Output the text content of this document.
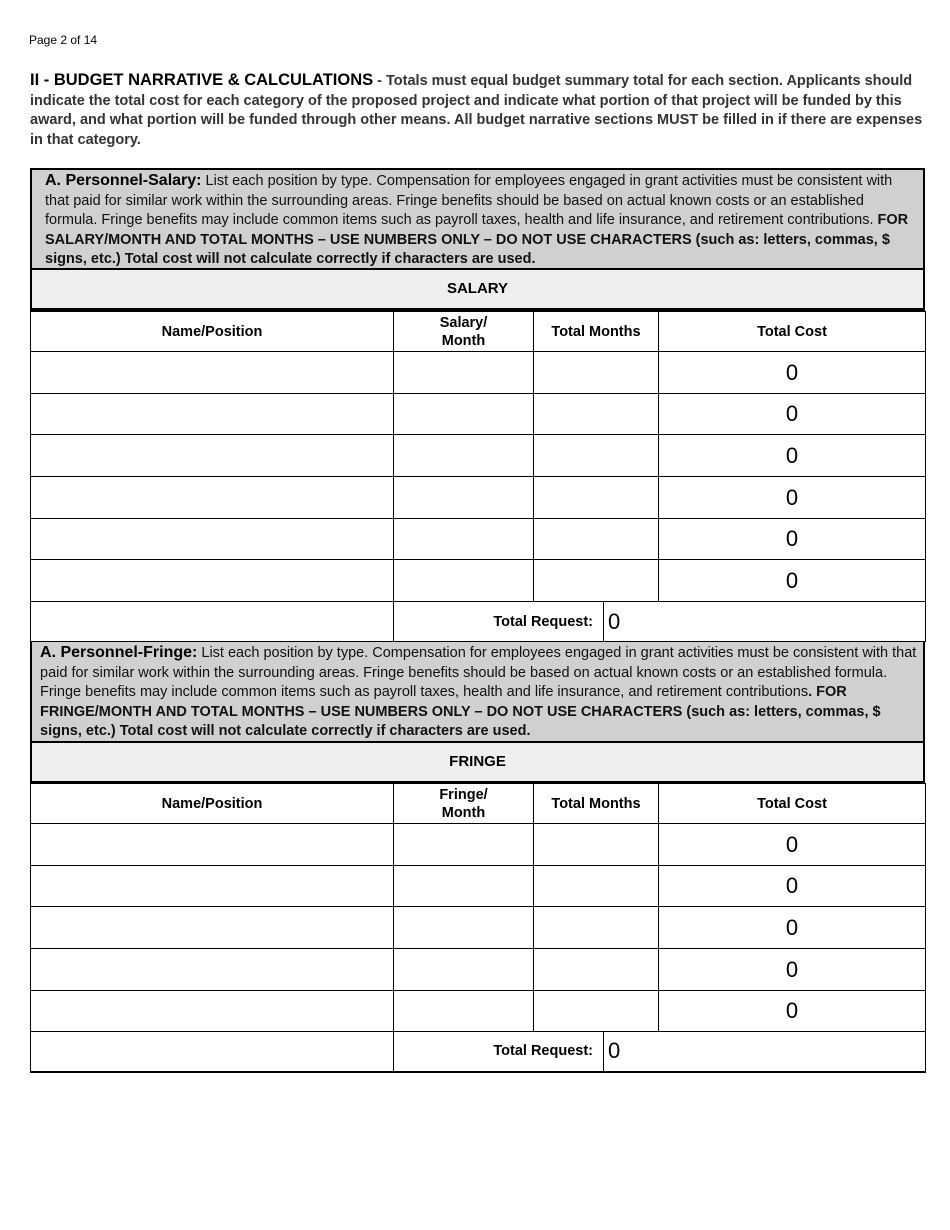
Page 2 of 14
II - BUDGET NARRATIVE & CALCULATIONS - Totals must equal budget summary total for each section. Applicants should indicate the total cost for each category of the proposed project and indicate what portion of that project will be funded by this award, and what portion will be funded through other means. All budget narrative sections MUST be filled in if there are expenses in that category.
A. Personnel-Salary: List each position by type. Compensation for employees engaged in grant activities must be consistent with that paid for similar work within the surrounding areas. Fringe benefits should be based on actual known costs or an established formula. Fringe benefits may include common items such as payroll taxes, health and life insurance, and retirement contributions. FOR SALARY/MONTH AND TOTAL MONTHS – USE NUMBERS ONLY – DO NOT USE CHARACTERS (such as: letters, commas, $ signs, etc.) Total cost will not calculate correctly if characters are used.
SALARY
Name/Position	Salary/ Month	Total Months	Total Cost
			0
			0
			0
			0
			0
			0
	Total Request:	0
A. Personnel-Fringe: List each position by type. Compensation for employees engaged in grant activities must be consistent with that paid for similar work within the surrounding areas. Fringe benefits should be based on actual known costs or an established formula. Fringe benefits may include common items such as payroll taxes, health and life insurance, and retirement contributions. FOR FRINGE/MONTH AND TOTAL MONTHS – USE NUMBERS ONLY – DO NOT USE CHARACTERS (such as: letters, commas, $ signs, etc.) Total cost will not calculate correctly if characters are used.
FRINGE
Name/Position	Fringe/ Month	Total Months	Total Cost
			0
			0
			0
			0
			0
	Total Request:	0
